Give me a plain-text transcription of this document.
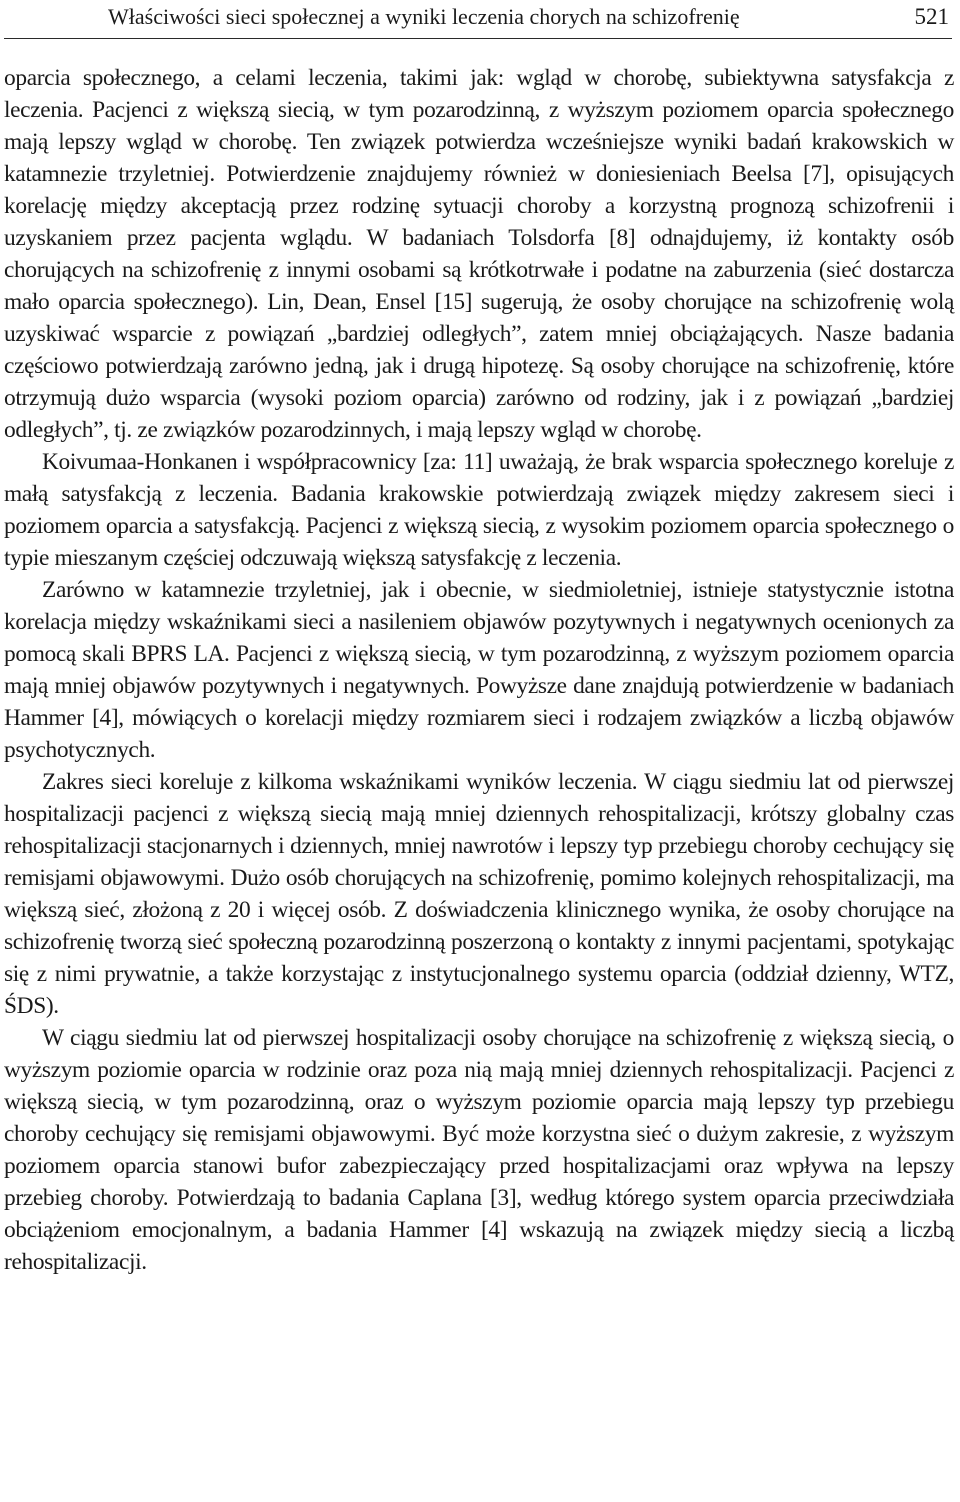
Właściwości sieci społecznej a wyniki leczenia chorych na schizofrenię	521

oparcia społecznego, a celami leczenia, takimi jak: wgląd w chorobę, subiektywna satysfakcja z leczenia. Pacjenci z większą siecią, w tym pozarodzinną, z wyższym poziomem oparcia społecznego mają lepszy wgląd w chorobę. Ten związek potwierdza wcześniejsze wyniki badań krakowskich w katamnezie trzyletniej. Potwierdzenie znajdujemy również w doniesieniach Beelsa [7], opisujących korelację między akceptacją przez rodzinę sytuacji choroby a korzystną prognozą schizofrenii i uzyskaniem przez pacjenta wglądu. W badaniach Tolsdorfa [8] odnajdujemy, iż kontakty osób chorujących na schizofrenię z innymi osobami są krótkotrwałe i podatne na zaburzenia (sieć dostarcza mało oparcia społecznego). Lin, Dean, Ensel [15] sugerują, że osoby chorujące na schizofrenię wolą uzyskiwać wsparcie z powiązań „bardziej odległych”, zatem mniej obciążających. Nasze badania częściowo potwierdzają zarówno jedną, jak i drugą hipotezę. Są osoby chorujące na schizofrenię, które otrzymują dużo wsparcia (wysoki poziom oparcia) zarówno od rodziny, jak i z powiązań „bardziej odległych”, tj. ze związków pozarodzinnych, i mają lepszy wgląd w chorobę.

Koivumaa-Honkanen i współpracownicy [za: 11] uważają, że brak wsparcia społecznego koreluje z małą satysfakcją z leczenia. Badania krakowskie potwierdzają związek między zakresem sieci i poziomem oparcia a satysfakcją. Pacjenci z większą siecią, z wysokim poziomem oparcia społecznego o typie mieszanym częściej odczuwają większą satysfakcję z leczenia.

Zarówno w katamnezie trzyletniej, jak i obecnie, w siedmioletniej, istnieje statystycznie istotna korelacja między wskaźnikami sieci a nasileniem objawów pozytywnych i negatywnych ocenionych za pomocą skali BPRS LA. Pacjenci z większą siecią, w tym pozarodzinną, z wyższym poziomem oparcia mają mniej objawów pozytywnych i negatywnych. Powyższe dane znajdują potwierdzenie w badaniach Hammer [4], mówiących o korelacji między rozmiarem sieci i rodzajem związków a liczbą objawów psychotycznych.

Zakres sieci koreluje z kilkoma wskaźnikami wyników leczenia. W ciągu siedmiu lat od pierwszej hospitalizacji pacjenci z większą siecią mają mniej dziennych rehospitalizacji, krótszy globalny czas rehospitalizacji stacjonarnych i dziennych, mniej nawrotów i lepszy typ przebiegu choroby cechujący się remisjami objawowymi. Dużo osób chorujących na schizofrenię, pomimo kolejnych rehospitalizacji, ma większą sieć, złożoną z 20 i więcej osób. Z doświadczenia klinicznego wynika, że osoby chorujące na schizofrenię tworzą sieć społeczną pozarodzinną poszerzoną o kontakty z innymi pacjentami, spotykając się z nimi prywatnie, a także korzystając z instytucjonalnego systemu oparcia (oddział dzienny, WTZ, ŚDS).

W ciągu siedmiu lat od pierwszej hospitalizacji osoby chorujące na schizofrenię z większą siecią, o wyższym poziomie oparcia w rodzinie oraz poza nią mają mniej dziennych rehospitalizacji. Pacjenci z większą siecią, w tym pozarodzinną, oraz o wyższym poziomie oparcia mają lepszy typ przebiegu choroby cechujący się remisjami objawowymi. Być może korzystna sieć o dużym zakresie, z wyższym poziomem oparcia stanowi bufor zabezpieczający przed hospitalizacjami oraz wpływa na lepszy przebieg choroby. Potwierdzają to badania Caplana [3], według którego system oparcia przeciwdziała obciążeniom emocjonalnym, a badania Hammer [4] wskazują na związek między siecią a liczbą rehospitalizacji.
